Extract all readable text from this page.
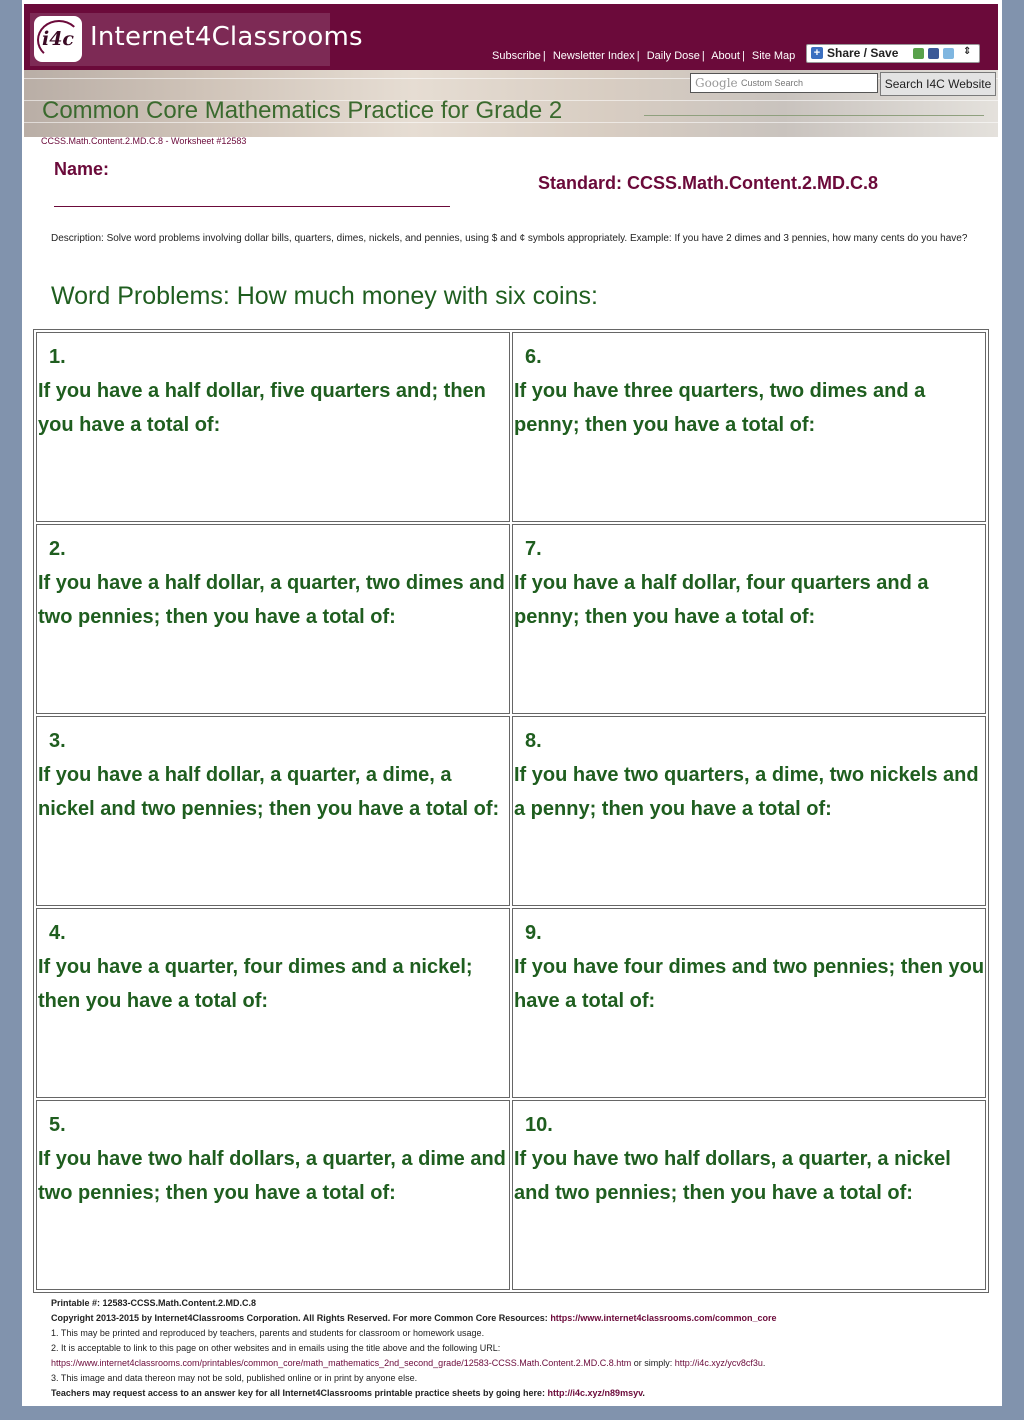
i4c Internet4Classrooms
Subscribe | Newsletter Index | Daily Dose | About | Site Map + Share / Save	⇕
Google Custom Search	Search I4C Website
Common Core Mathematics Practice for Grade 2
CCSS.Math.Content.2.MD.C.8 - Worksheet #12583
Name:
Standard: CCSS.Math.Content.2.MD.C.8
Description: Solve word problems involving dollar bills, quarters, dimes, nickels, and pennies, using $ and ¢ symbols appropriately. Example: If you have 2 dimes and 3 pennies, how many cents do you have?
Word Problems: How much money with six coins:
1.
If you have a half dollar, five quarters and; then you have a total of:
2.
If you have a half dollar, a quarter, two dimes and two pennies; then you have a total of:
3.
If you have a half dollar, a quarter, a dime, a nickel and two pennies; then you have a total of:
4.
If you have a quarter, four dimes and a nickel; then you have a total of:
5.
If you have two half dollars, a quarter, a dime and two pennies; then you have a total of:
6.
If you have three quarters, two dimes and a penny; then you have a total of:
7.
If you have a half dollar, four quarters and a penny; then you have a total of:
8.
If you have two quarters, a dime, two nickels and a penny; then you have a total of:
9.
If you have four dimes and two pennies; then you have a total of:
10.
If you have two half dollars, a quarter, a nickel and two pennies; then you have a total of:
Printable #: 12583-CCSS.Math.Content.2.MD.C.8
Copyright 2013-2015 by Internet4Classrooms Corporation. All Rights Reserved. For more Common Core Resources: https://www.internet4classrooms.com/common_core
1. This may be printed and reproduced by teachers, parents and students for classroom or homework usage.
2. It is acceptable to link to this page on other websites and in emails using the title above and the following URL:
https://www.internet4classrooms.com/printables/common_core/math_mathematics_2nd_second_grade/12583-CCSS.Math.Content.2.MD.C.8.htm or simply: http://i4c.xyz/ycv8cf3u.
3. This image and data thereon may not be sold, published online or in print by anyone else.
Teachers may request access to an answer key for all Internet4Classrooms printable practice sheets by going here: http://i4c.xyz/n89msyv.
